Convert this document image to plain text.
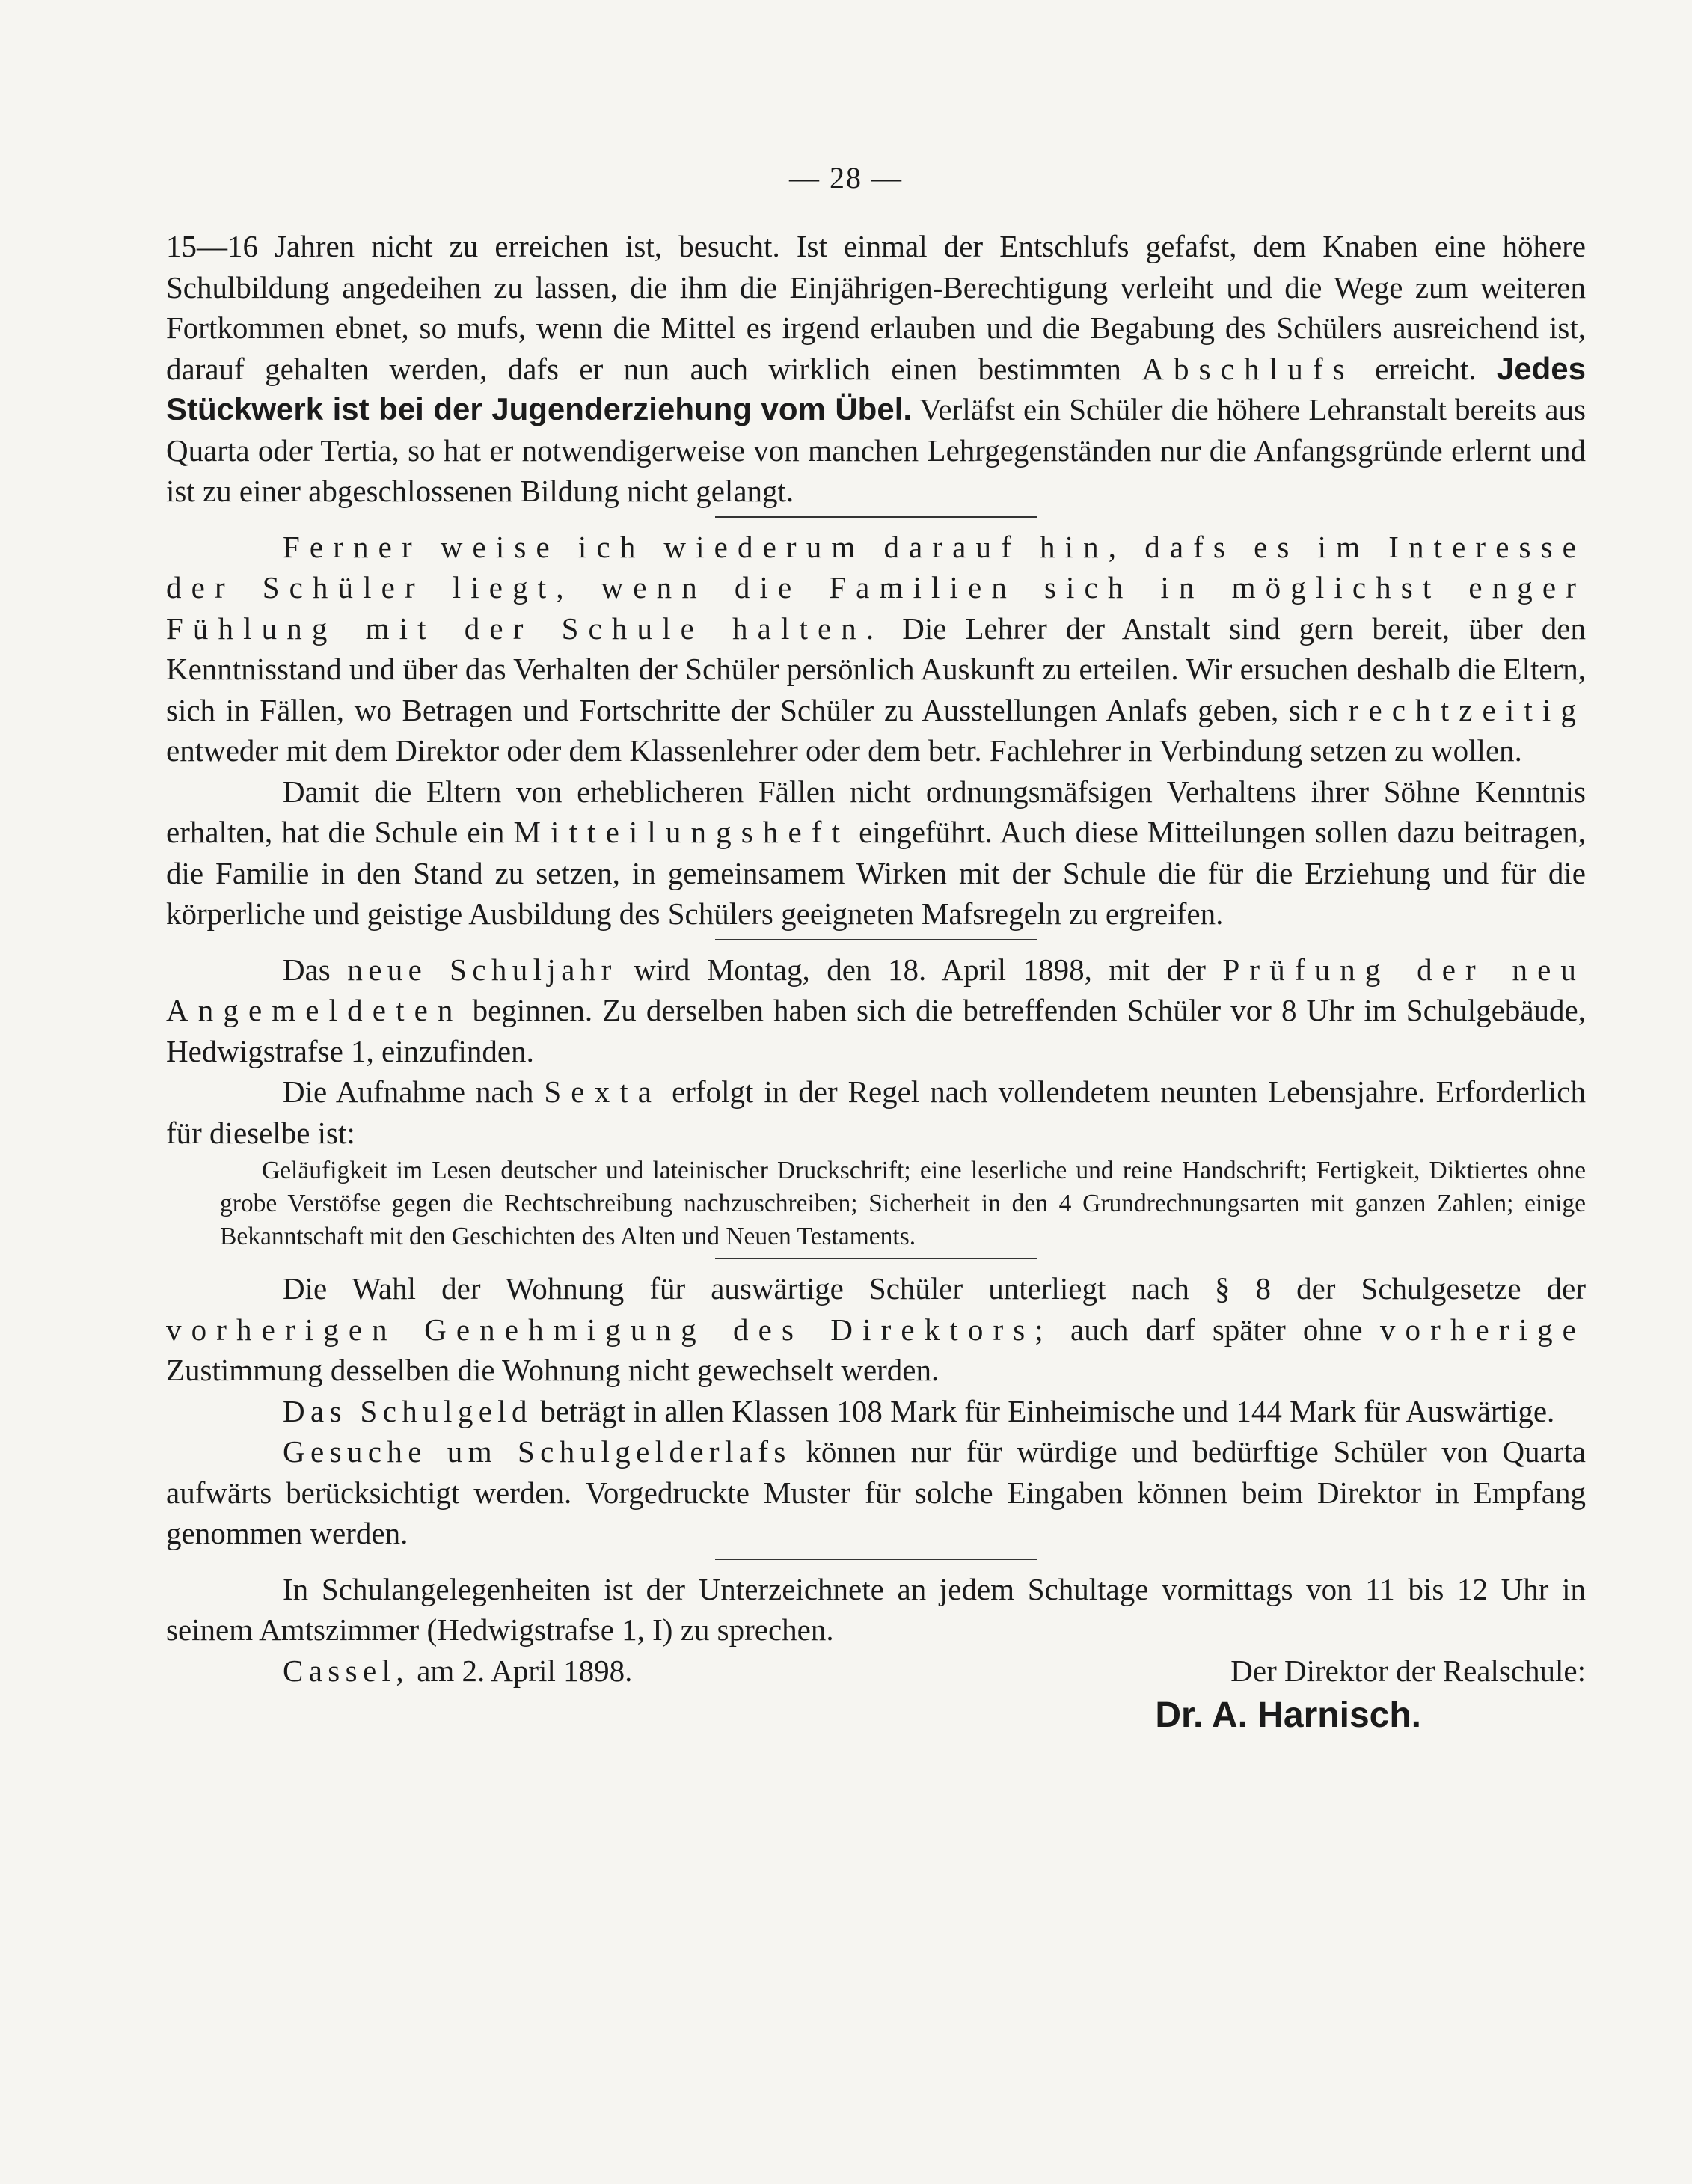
— 28 —

15—16 Jahren nicht zu erreichen ist, besucht. Ist einmal der Entschlufs gefafst, dem Knaben eine höhere Schulbildung angedeihen zu lassen, die ihm die Einjährigen-Berechtigung verleiht und die Wege zum weiteren Fortkommen ebnet, so mufs, wenn die Mittel es irgend erlauben und die Begabung des Schülers ausreichend ist, darauf gehalten werden, dafs er nun auch wirklich einen bestimmten Abschlufs erreicht. Jedes Stückwerk ist bei der Jugenderziehung vom Übel. Verläfst ein Schüler die höhere Lehranstalt bereits aus Quarta oder Tertia, so hat er notwendigerweise von manchen Lehrgegenständen nur die Anfangsgründe erlernt und ist zu einer abgeschlossenen Bildung nicht gelangt.

Ferner weise ich wiederum darauf hin, dafs es im Interesse der Schüler liegt, wenn die Familien sich in möglichst enger Fühlung mit der Schule halten. Die Lehrer der Anstalt sind gern bereit, über den Kenntnisstand und über das Verhalten der Schüler persönlich Auskunft zu erteilen. Wir ersuchen deshalb die Eltern, sich in Fällen, wo Betragen und Fortschritte der Schüler zu Ausstellungen Anlafs geben, sich rechtzeitig entweder mit dem Direktor oder dem Klassenlehrer oder dem betr. Fachlehrer in Verbindung setzen zu wollen.

Damit die Eltern von erheblicheren Fällen nicht ordnungsmäfsigen Verhaltens ihrer Söhne Kenntnis erhalten, hat die Schule ein Mitteilungsheft eingeführt. Auch diese Mitteilungen sollen dazu beitragen, die Familie in den Stand zu setzen, in gemeinsamem Wirken mit der Schule die für die Erziehung und für die körperliche und geistige Ausbildung des Schülers geeigneten Mafsregeln zu ergreifen.

Das neue Schuljahr wird Montag, den 18. April 1898, mit der Prüfung der neu Angemeldeten beginnen. Zu derselben haben sich die betreffenden Schüler vor 8 Uhr im Schulgebäude, Hedwigstrafse 1, einzufinden.

Die Aufnahme nach Sexta erfolgt in der Regel nach vollendetem neunten Lebensjahre. Erforderlich für dieselbe ist:

Geläufigkeit im Lesen deutscher und lateinischer Druckschrift; eine leserliche und reine Handschrift; Fertigkeit, Diktiertes ohne grobe Verstöfse gegen die Rechtschreibung nachzuschreiben; Sicherheit in den 4 Grundrechnungsarten mit ganzen Zahlen; einige Bekanntschaft mit den Geschichten des Alten und Neuen Testaments.

Die Wahl der Wohnung für auswärtige Schüler unterliegt nach § 8 der Schulgesetze der vorherigen Genehmigung des Direktors; auch darf später ohne vorherige Zustimmung desselben die Wohnung nicht gewechselt werden.

Das Schulgeld beträgt in allen Klassen 108 Mark für Einheimische und 144 Mark für Auswärtige.

Gesuche um Schulgelderlafs können nur für würdige und bedürftige Schüler von Quarta aufwärts berücksichtigt werden. Vorgedruckte Muster für solche Eingaben können beim Direktor in Empfang genommen werden.

In Schulangelegenheiten ist der Unterzeichnete an jedem Schultage vormittags von 11 bis 12 Uhr in seinem Amtszimmer (Hedwigstrafse 1, I) zu sprechen.

Cassel, am 2. April 1898.	Der Direktor der Realschule:
Dr. A. Harnisch.
